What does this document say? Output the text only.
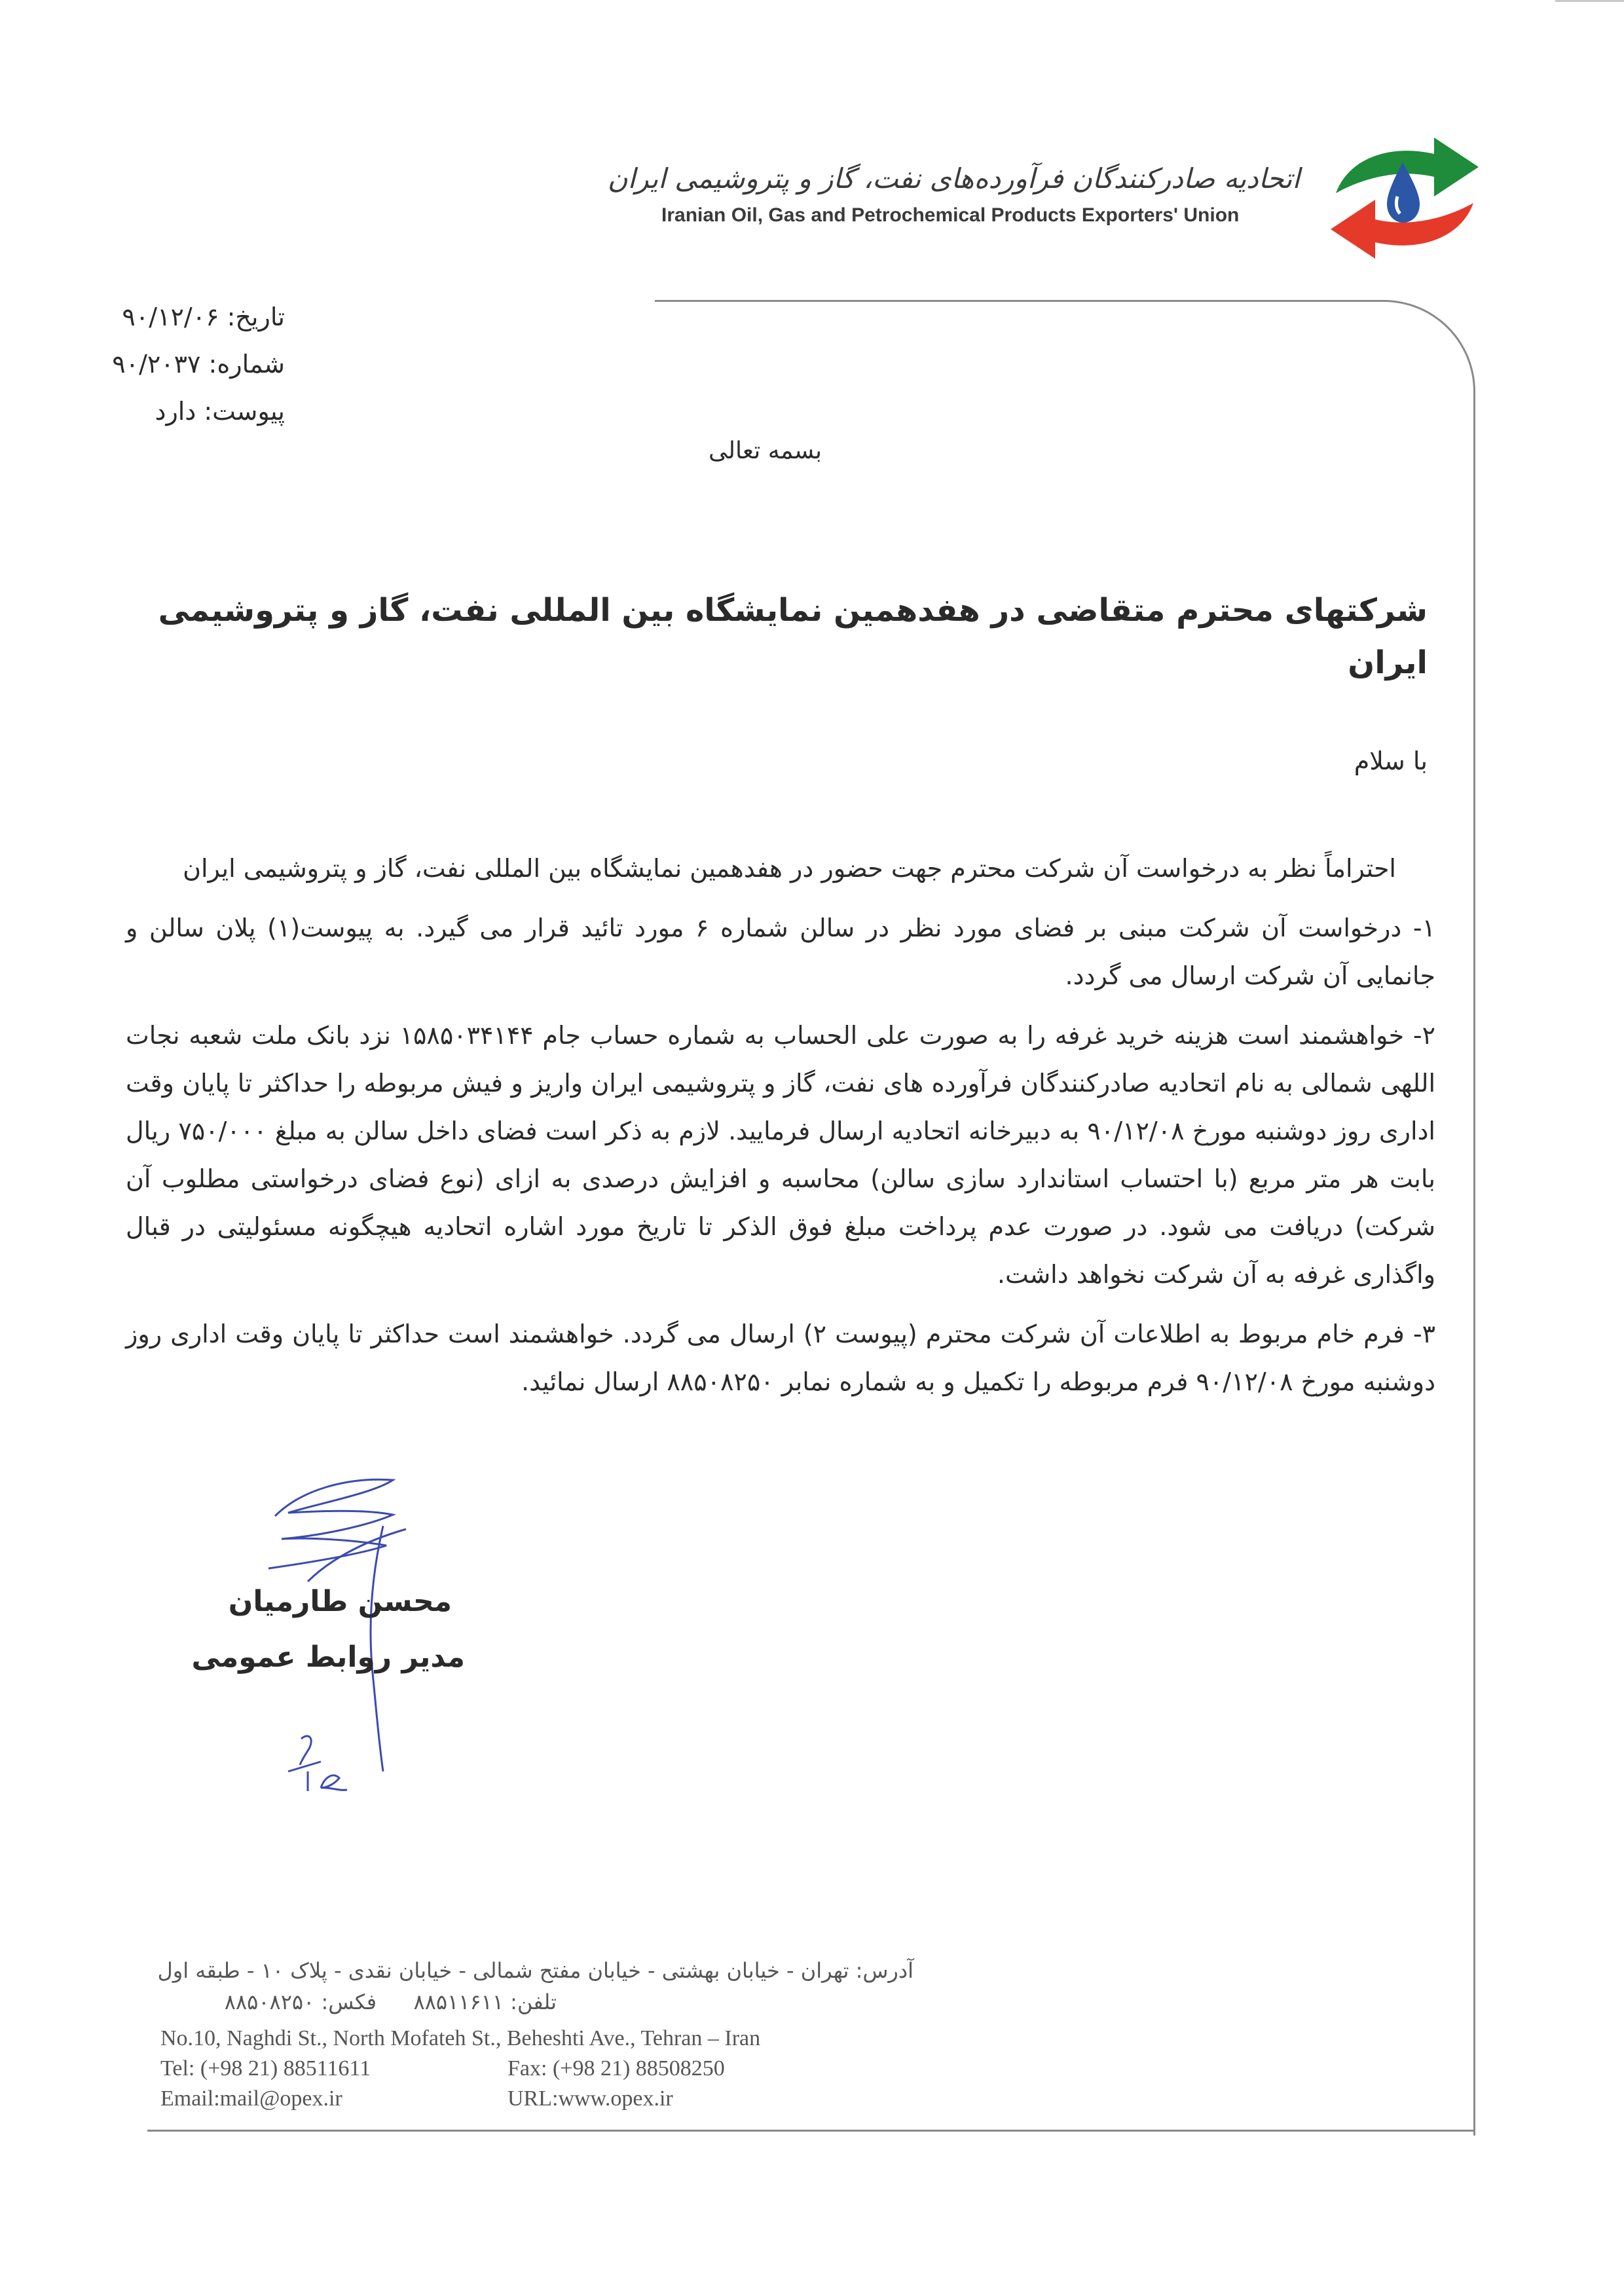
اتحادیه صادرکنندگان فرآورده‌های نفت، گاز و پتروشیمی ایران
Iranian Oil, Gas and Petrochemical Products Exporters' Union
تاریخ: ۹۰/۱۲/۰۶
شماره: ۹۰/۲۰۳۷
پیوست: دارد
بسمه تعالی
شرکتهای محترم متقاضی در هفدهمین نمایشگاه بین المللی نفت، گاز و پتروشیمی ایران
با سلام

احتراماً نظر به درخواست آن شرکت محترم جهت حضور در هفدهمین نمایشگاه بین المللی نفت، گاز و پتروشیمی ایران

۱- درخواست آن شرکت مبنی بر فضای مورد نظر در سالن شماره ۶ مورد تائید قرار می گیرد. به پیوست(۱) پلان سالن و جانمایی آن شرکت ارسال می گردد.

۲- خواهشمند است هزینه خرید غرفه را به صورت علی الحساب به شماره حساب جام ۱۵۸۵۰۳۴۱۴۴ نزد بانک ملت شعبه نجات اللهی شمالی به نام اتحادیه صادرکنندگان فرآورده های نفت، گاز و پتروشیمی ایران واریز و فیش مربوطه را حداکثر تا پایان وقت اداری روز دوشنبه مورخ ۹۰/۱۲/۰۸ به دبیرخانه اتحادیه ارسال فرمایید. لازم به ذکر است فضای داخل سالن به مبلغ ۷۵۰/۰۰۰ ریال بابت هر متر مربع (با احتساب استاندارد سازی سالن) محاسبه و افزایش درصدی به ازای (نوع فضای درخواستی مطلوب آن شرکت) دریافت می شود. در صورت عدم پرداخت مبلغ فوق الذکر تا تاریخ مورد اشاره اتحادیه هیچگونه مسئولیتی در قبال واگذاری غرفه به آن شرکت نخواهد داشت.

۳- فرم خام مربوط به اطلاعات آن شرکت محترم (پیوست ۲) ارسال می گردد. خواهشمند است حداکثر تا پایان وقت اداری روز دوشنبه مورخ ۹۰/۱۲/۰۸ فرم مربوطه را تکمیل و به شماره نمابر ۸۸۵۰۸۲۵۰ ارسال نمائید.

۶/۱۲
محسن طارمیان
مدیر روابط عمومی
آدرس: تهران - خیابان بهشتی - خیابان مفتح شمالی - خیابان نقدی - پلاک ۱۰ - طبقه اول
تلفن: ۸۸۵۱۱۶۱۱
فکس: ۸۸۵۰۸۲۵۰
No.10, Naghdi St., North Mofateh St., Beheshti Ave., Tehran – Iran
Tel: (+98 21) 88511611	Fax: (+98 21) 88508250
Email:mail@opex.ir	URL:www.opex.ir
